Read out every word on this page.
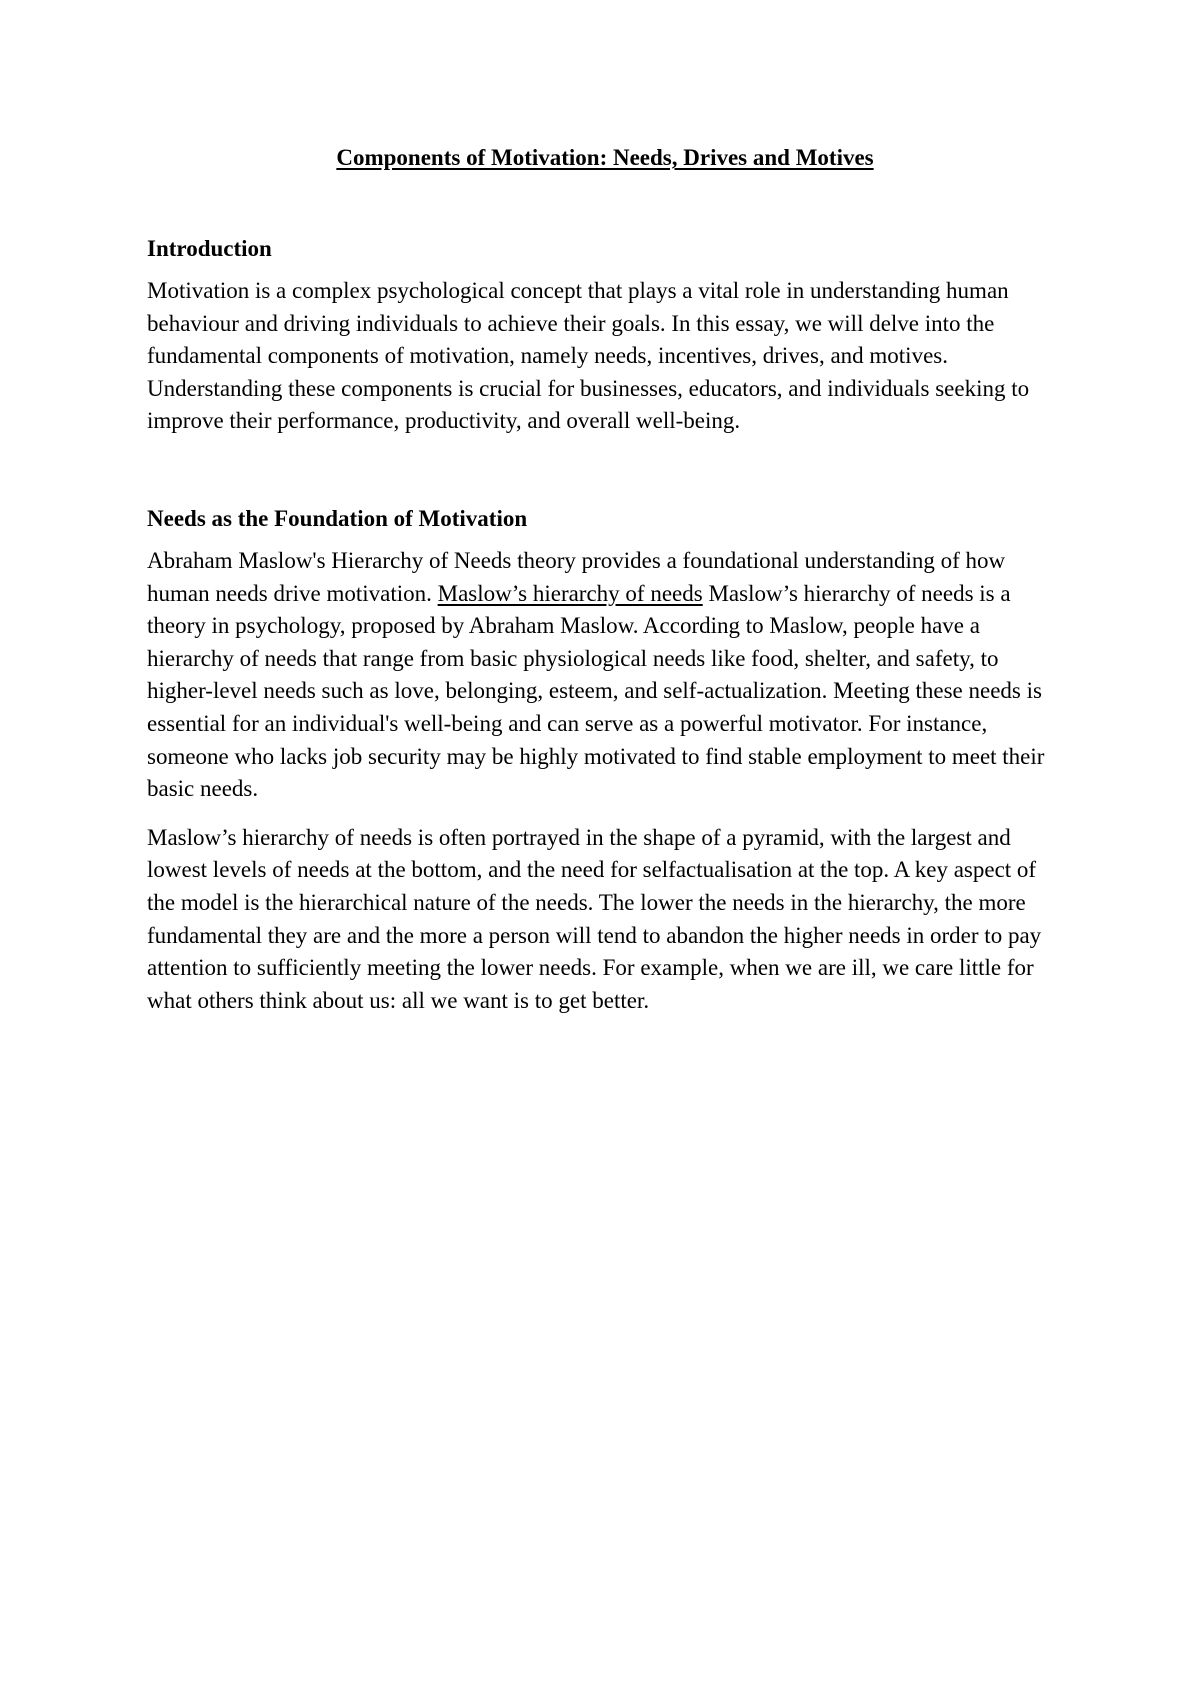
Components of Motivation: Needs, Drives and Motives
Introduction

Motivation is a complex psychological concept that plays a vital role in understanding human behaviour and driving individuals to achieve their goals. In this essay, we will delve into the fundamental components of motivation, namely needs, incentives, drives, and motives. Understanding these components is crucial for businesses, educators, and individuals seeking to improve their performance, productivity, and overall well-being.

Needs as the Foundation of Motivation

Abraham Maslow's Hierarchy of Needs theory provides a foundational understanding of how human needs drive motivation. Maslow’s hierarchy of needs Maslow’s hierarchy of needs is a theory in psychology, proposed by Abraham Maslow. According to Maslow, people have a hierarchy of needs that range from basic physiological needs like food, shelter, and safety, to higher-level needs such as love, belonging, esteem, and self-actualization. Meeting these needs is essential for an individual's well-being and can serve as a powerful motivator. For instance, someone who lacks job security may be highly motivated to find stable employment to meet their basic needs.

Maslow’s hierarchy of needs is often portrayed in the shape of a pyramid, with the largest and lowest levels of needs at the bottom, and the need for selfactualisation at the top. A key aspect of the model is the hierarchical nature of the needs. The lower the needs in the hierarchy, the more fundamental they are and the more a person will tend to abandon the higher needs in order to pay attention to sufficiently meeting the lower needs. For example, when we are ill, we care little for what others think about us: all we want is to get better.
